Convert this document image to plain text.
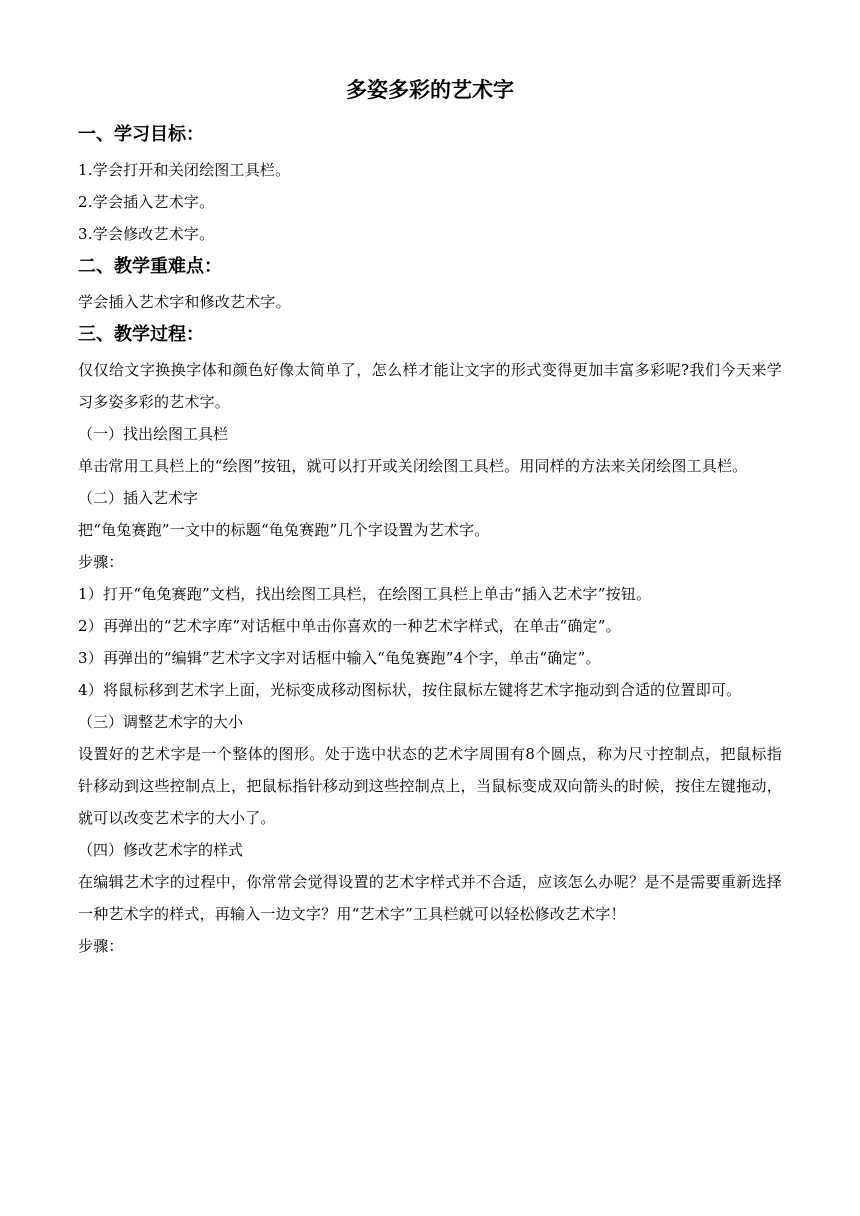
多姿多彩的艺术字
一、学习目标：
1.学会打开和关闭绘图工具栏。
2.学会插入艺术字。
3.学会修改艺术字。
二、教学重难点：
学会插入艺术字和修改艺术字。
三、教学过程：
仅仅给文字换换字体和颜色好像太简单了，怎么样才能让文字的形式变得更加丰富多彩呢?我们今天来学习多姿多彩的艺术字。
（一）找出绘图工具栏
单击常用工具栏上的“绘图”按钮，就可以打开或关闭绘图工具栏。用同样的方法来关闭绘图工具栏。
（二）插入艺术字
把“龟兔赛跑”一文中的标题“龟兔赛跑”几个字设置为艺术字。
步骤：
1）打开“龟兔赛跑”文档，找出绘图工具栏，在绘图工具栏上单击“插入艺术字”按钮。
2）再弹出的“艺术字库”对话框中单击你喜欢的一种艺术字样式，在单击“确定”。
3）再弹出的“编辑”艺术字文字对话框中输入“龟兔赛跑”4个字，单击“确定”。
4）将鼠标移到艺术字上面，光标变成移动图标状，按住鼠标左键将艺术字拖动到合适的位置即可。
（三）调整艺术字的大小
设置好的艺术字是一个整体的图形。处于选中状态的艺术字周围有8个圆点，称为尺寸控制点，把鼠标指针移动到这些控制点上，把鼠标指针移动到这些控制点上，当鼠标变成双向箭头的时候，按住左键拖动，就可以改变艺术字的大小了。
（四）修改艺术字的样式
在编辑艺术字的过程中，你常常会觉得设置的艺术字样式并不合适，应该怎么办呢？是不是需要重新选择一种艺术字的样式，再输入一边文字？用“艺术字”工具栏就可以轻松修改艺术字！
步骤：
